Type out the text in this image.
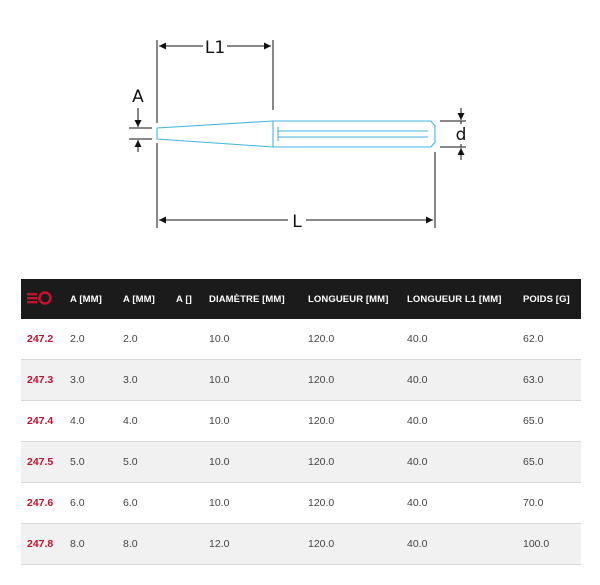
L1
L
A
d
	A [MM]	A [MM]	A []	DIAMÈTRE [MM]	LONGUEUR [MM]	LONGUEUR L1 [MM]	POIDS [G]
247.2	2.0	2.0		10.0	120.0	40.0	62.0
247.3	3.0	3.0		10.0	120.0	40.0	63.0
247.4	4.0	4.0		10.0	120.0	40.0	65.0
247.5	5.0	5.0		10.0	120.0	40.0	65.0
247.6	6.0	6.0		10.0	120.0	40.0	70.0
247.8	8.0	8.0		12.0	120.0	40.0	100.0
